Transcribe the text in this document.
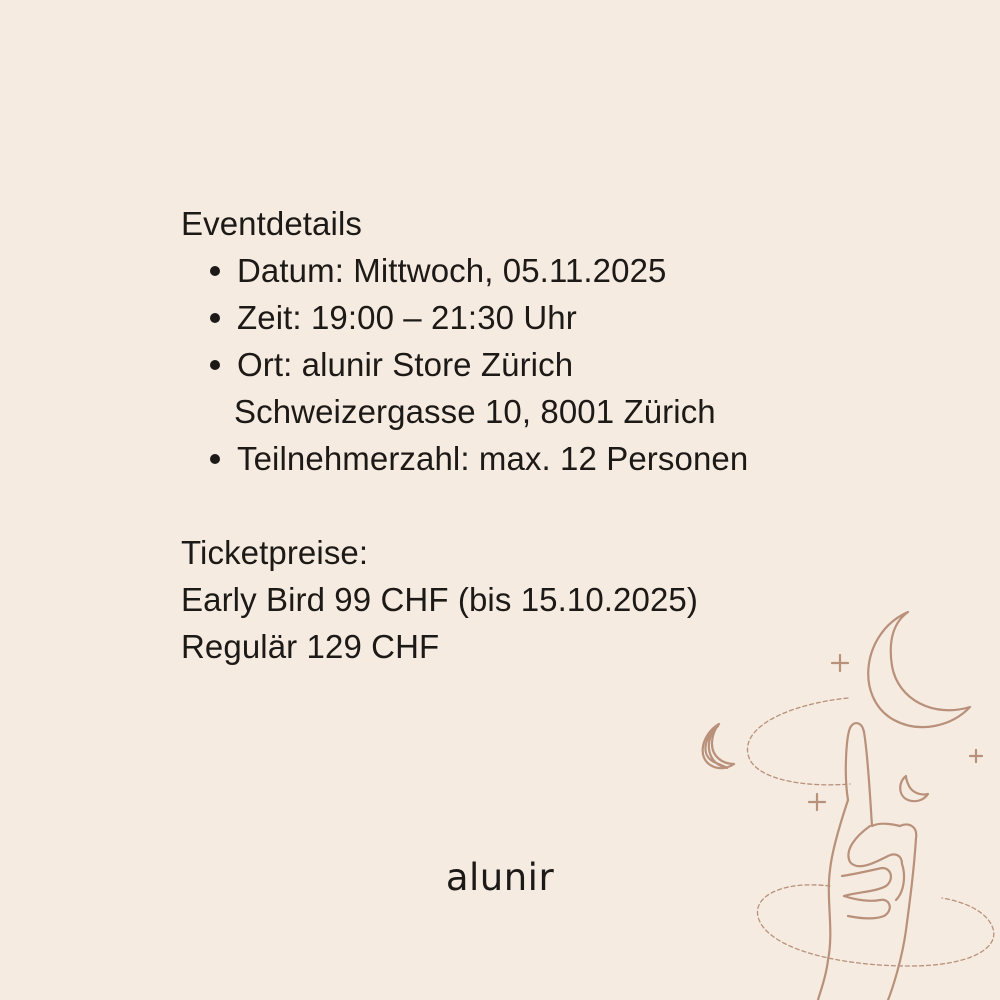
Eventdetails
Datum: Mittwoch, 05.11.2025
Zeit: 19:00 – 21:30 Uhr
Ort: alunir Store Zürich
Schweizergasse 10, 8001 Zürich
Teilnehmerzahl: max. 12 Personen
Ticketpreise:
Early Bird 99 CHF (bis 15.10.2025)
Regulär 129 CHF
alunir
